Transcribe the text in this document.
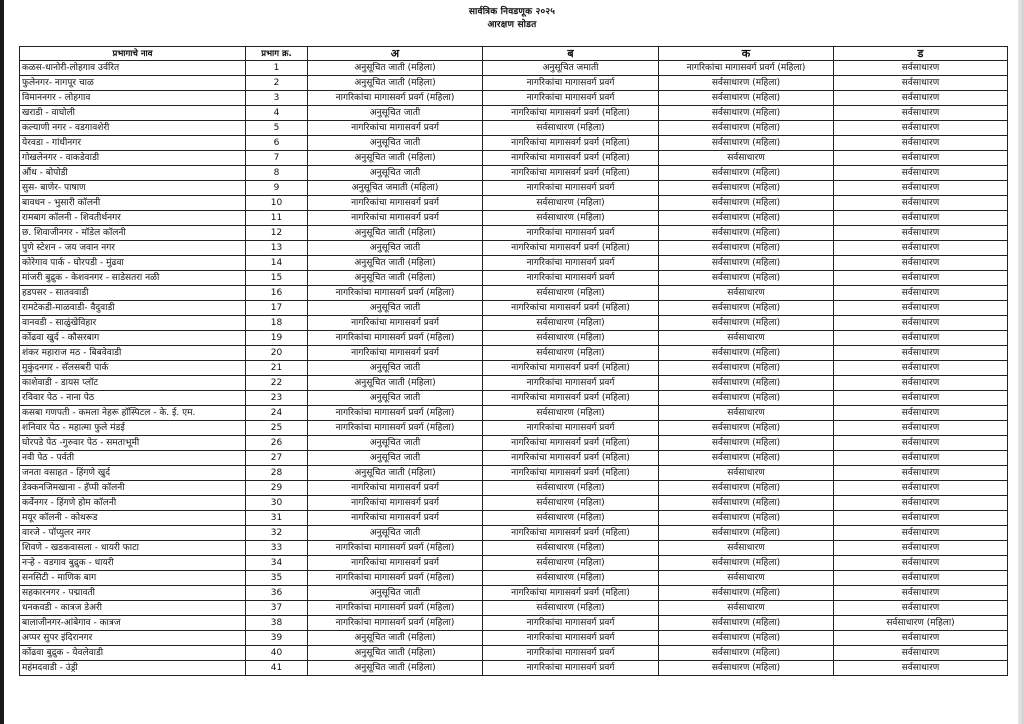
सार्वत्रिक निवडणूक २०२५
आरक्षण सोडत
प्रभागाचे नाव	प्रभाग क्र.	अ	ब	क	ड
कळस-धानोरी-लोहगाव उर्वरित	1	अनुसूचित जाती (महिला)	अनुसूचित जमाती	नागरिकांचा मागासवर्ग प्रवर्ग (महिला)	सर्वसाधारण
फुलेनगर- नागपूर चाळ	2	अनुसूचित जाती (महिला)	नागरिकांचा मागासवर्ग प्रवर्ग	सर्वसाधारण (महिला)	सर्वसाधारण
विमाननगर - लोहगाव	3	नागरिकांचा मागासवर्ग प्रवर्ग (महिला)	नागरिकांचा मागासवर्ग प्रवर्ग	सर्वसाधारण (महिला)	सर्वसाधारण
खराडी - वाघोली	4	अनुसूचित जाती	नागरिकांचा मागासवर्ग प्रवर्ग (महिला)	सर्वसाधारण (महिला)	सर्वसाधारण
कल्याणी नगर - वडगावशेरी	5	नागरिकांचा मागासवर्ग प्रवर्ग	सर्वसाधारण (महिला)	सर्वसाधारण (महिला)	सर्वसाधारण
येरवडा - गांधीनगर	6	अनुसूचित जाती	नागरिकांचा मागासवर्ग प्रवर्ग (महिला)	सर्वसाधारण (महिला)	सर्वसाधारण
गोखलेनगर - वाकडेवाडी	7	अनुसूचित जाती (महिला)	नागरिकांचा मागासवर्ग प्रवर्ग (महिला)	सर्वसाधारण	सर्वसाधारण
औंध - बोपोडी	8	अनुसूचित जाती	नागरिकांचा मागासवर्ग प्रवर्ग (महिला)	सर्वसाधारण (महिला)	सर्वसाधारण
सुस- बाणेर- पाषाण	9	अनुसूचित जमाती (महिला)	नागरिकांचा मागासवर्ग प्रवर्ग	सर्वसाधारण (महिला)	सर्वसाधारण
बावधन - भुसारी कॉलनी	10	नागरिकांचा मागासवर्ग प्रवर्ग	सर्वसाधारण (महिला)	सर्वसाधारण (महिला)	सर्वसाधारण
रामबाग कॉलनी - शिवतीर्थनगर	11	नागरिकांचा मागासवर्ग प्रवर्ग	सर्वसाधारण (महिला)	सर्वसाधारण (महिला)	सर्वसाधारण
छ. शिवाजीनगर - मॉडेल कॉलनी	12	अनुसूचित जाती (महिला)	नागरिकांचा मागासवर्ग प्रवर्ग	सर्वसाधारण (महिला)	सर्वसाधारण
पुणे स्टेशन - जय जवान नगर	13	अनुसूचित जाती	नागरिकांचा मागासवर्ग प्रवर्ग (महिला)	सर्वसाधारण (महिला)	सर्वसाधारण
कोरेगाव पार्क - घोरपडी - मुंढवा	14	अनुसूचित जाती (महिला)	नागरिकांचा मागासवर्ग प्रवर्ग	सर्वसाधारण (महिला)	सर्वसाधारण
मांजरी बुद्रुक - केशवनगर - साडेसतरा नळी	15	अनुसूचित जाती (महिला)	नागरिकांचा मागासवर्ग प्रवर्ग	सर्वसाधारण (महिला)	सर्वसाधारण
हडपसर - सातववाडी	16	नागरिकांचा मागासवर्ग प्रवर्ग (महिला)	सर्वसाधारण (महिला)	सर्वसाधारण	सर्वसाधारण
रामटेकडी-माळवाडी- वैदुवाडी	17	अनुसूचित जाती	नागरिकांचा मागासवर्ग प्रवर्ग (महिला)	सर्वसाधारण (महिला)	सर्वसाधारण
वानवडी - साळुंखेविहार	18	नागरिकांचा मागासवर्ग प्रवर्ग	सर्वसाधारण (महिला)	सर्वसाधारण (महिला)	सर्वसाधारण
कोंढवा खुर्द - कौसरबाग	19	नागरिकांचा मागासवर्ग प्रवर्ग (महिला)	सर्वसाधारण (महिला)	सर्वसाधारण	सर्वसाधारण
शंकर महाराज मठ - बिबवेवाडी	20	नागरिकांचा मागासवर्ग प्रवर्ग	सर्वसाधारण (महिला)	सर्वसाधारण (महिला)	सर्वसाधारण
मुकुंदनगर - सॅलसबरी पार्क	21	अनुसूचित जाती	नागरिकांचा मागासवर्ग प्रवर्ग (महिला)	सर्वसाधारण (महिला)	सर्वसाधारण
काशेवाडी - डायस प्लॉट	22	अनुसूचित जाती (महिला)	नागरिकांचा मागासवर्ग प्रवर्ग	सर्वसाधारण (महिला)	सर्वसाधारण
रविवार पेठ - नाना पेठ	23	अनुसूचित जाती	नागरिकांचा मागासवर्ग प्रवर्ग (महिला)	सर्वसाधारण (महिला)	सर्वसाधारण
कसबा गणपती - कमला नेहरू हॉस्पिटल - के. ई. एम.	24	नागरिकांचा मागासवर्ग प्रवर्ग (महिला)	सर्वसाधारण (महिला)	सर्वसाधारण	सर्वसाधारण
शनिवार पेठ - महात्मा फुले मंडई	25	नागरिकांचा मागासवर्ग प्रवर्ग (महिला)	नागरिकांचा मागासवर्ग प्रवर्ग	सर्वसाधारण (महिला)	सर्वसाधारण
घोरपडे पेठ -गुरुवार पेठ - समताभूमी	26	अनुसूचित जाती	नागरिकांचा मागासवर्ग प्रवर्ग (महिला)	सर्वसाधारण (महिला)	सर्वसाधारण
नवी पेठ - पर्वती	27	अनुसूचित जाती	नागरिकांचा मागासवर्ग प्रवर्ग (महिला)	सर्वसाधारण (महिला)	सर्वसाधारण
जनता वसाहत - हिंगणे खुर्द	28	अनुसूचित जाती (महिला)	नागरिकांचा मागासवर्ग प्रवर्ग (महिला)	सर्वसाधारण	सर्वसाधारण
डेक्कनजिमखाना - हॅप्पी कॉलनी	29	नागरिकांचा मागासवर्ग प्रवर्ग	सर्वसाधारण (महिला)	सर्वसाधारण (महिला)	सर्वसाधारण
कर्वेनगर - हिंगणे होम कॉलनी	30	नागरिकांचा मागासवर्ग प्रवर्ग	सर्वसाधारण (महिला)	सर्वसाधारण (महिला)	सर्वसाधारण
मयूर कॉलनी - कोथरूड	31	नागरिकांचा मागासवर्ग प्रवर्ग	सर्वसाधारण (महिला)	सर्वसाधारण (महिला)	सर्वसाधारण
वारजे - पॉप्युलर नगर	32	अनुसूचित जाती	नागरिकांचा मागासवर्ग प्रवर्ग (महिला)	सर्वसाधारण (महिला)	सर्वसाधारण
शिवणे - खडकवासला - धायरी फाटा	33	नागरिकांचा मागासवर्ग प्रवर्ग (महिला)	सर्वसाधारण (महिला)	सर्वसाधारण	सर्वसाधारण
नऱ्हे - वडगाव बुद्रुक - धायरी	34	नागरिकांचा मागासवर्ग प्रवर्ग	सर्वसाधारण (महिला)	सर्वसाधारण (महिला)	सर्वसाधारण
सनसिटी - माणिक बाग	35	नागरिकांचा मागासवर्ग प्रवर्ग (महिला)	सर्वसाधारण (महिला)	सर्वसाधारण	सर्वसाधारण
सहकारनगर - पद्मावती	36	अनुसूचित जाती	नागरिकांचा मागासवर्ग प्रवर्ग (महिला)	सर्वसाधारण (महिला)	सर्वसाधारण
धनकवडी - कात्रज डेअरी	37	नागरिकांचा मागासवर्ग प्रवर्ग (महिला)	सर्वसाधारण (महिला)	सर्वसाधारण	सर्वसाधारण
बालाजीनगर-आंबेगाव - कात्रज	38	नागरिकांचा मागासवर्ग प्रवर्ग (महिला)	नागरिकांचा मागासवर्ग प्रवर्ग	सर्वसाधारण (महिला)	सर्वसाधारण (महिला)
अप्पर सुपर इंदिरानगर	39	अनुसूचित जाती (महिला)	नागरिकांचा मागासवर्ग प्रवर्ग	सर्वसाधारण (महिला)	सर्वसाधारण
कोंढवा बुद्रुक - येवलेवाडी	40	अनुसूचित जाती (महिला)	नागरिकांचा मागासवर्ग प्रवर्ग	सर्वसाधारण (महिला)	सर्वसाधारण
महंमदवाडी - उंड्री	41	अनुसूचित जाती (महिला)	नागरिकांचा मागासवर्ग प्रवर्ग	सर्वसाधारण (महिला)	सर्वसाधारण
